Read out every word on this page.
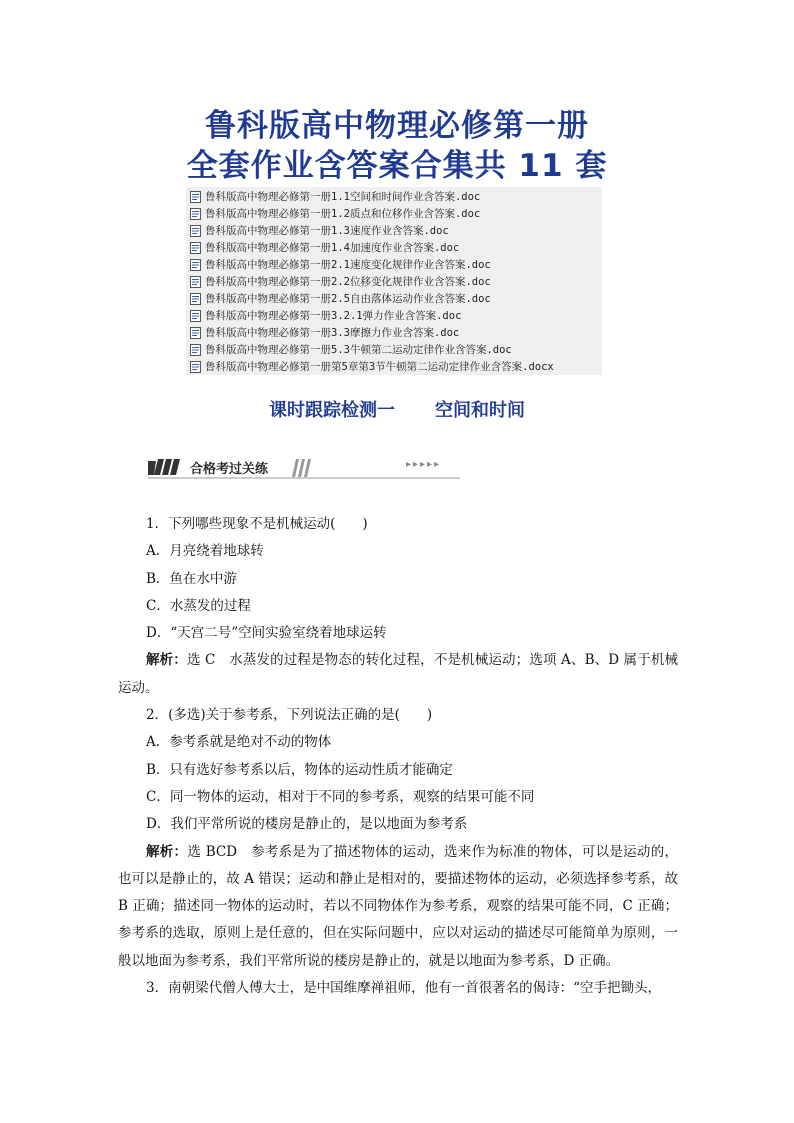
鲁科版高中物理必修第一册
全套作业含答案合集共 11 套
鲁科版高中物理必修第一册1.1空间和时间作业含答案.doc
鲁科版高中物理必修第一册1.2质点和位移作业含答案.doc
鲁科版高中物理必修第一册1.3速度作业含答案.doc
鲁科版高中物理必修第一册1.4加速度作业含答案.doc
鲁科版高中物理必修第一册2.1速度变化规律作业含答案.doc
鲁科版高中物理必修第一册2.2位移变化规律作业含答案.doc
鲁科版高中物理必修第一册2.5自由落体运动作业含答案.doc
鲁科版高中物理必修第一册3.2.1弹力作业含答案.doc
鲁科版高中物理必修第一册3.3摩擦力作业含答案.doc
鲁科版高中物理必修第一册5.3牛顿第二运动定律作业含答案.doc
鲁科版高中物理必修第一册第5章第3节牛顿第二运动定律作业含答案.docx
课时跟踪检测一 空间和时间
合格考过关练	▸▸▸▸▸

1．下列哪些现象不是机械运动(　　)

A．月亮绕着地球转

B．鱼在水中游

C．水蒸发的过程

D．“天宫二号”空间实验室绕着地球运转

解析：选 C　水蒸发的过程是物态的转化过程，不是机械运动；选项 A、B、D 属于机械运动。

2．(多选)关于参考系，下列说法正确的是(　　)

A．参考系就是绝对不动的物体

B．只有选好参考系以后，物体的运动性质才能确定

C．同一物体的运动，相对于不同的参考系，观察的结果可能不同

D．我们平常所说的楼房是静止的，是以地面为参考系

解析：选 BCD　参考系是为了描述物体的运动，选来作为标准的物体，可以是运动的，也可以是静止的，故 A 错误；运动和静止是相对的，要描述物体的运动，必须选择参考系，故 B 正确；描述同一物体的运动时，若以不同物体作为参考系，观察的结果可能不同，C 正确；参考系的选取，原则上是任意的，但在实际问题中，应以对运动的描述尽可能简单为原则，一般以地面为参考系，我们平常所说的楼房是静止的，就是以地面为参考系，D 正确。

3．南朝梁代僧人傅大士，是中国维摩禅祖师，他有一首很著名的偈诗：“空手把锄头，
